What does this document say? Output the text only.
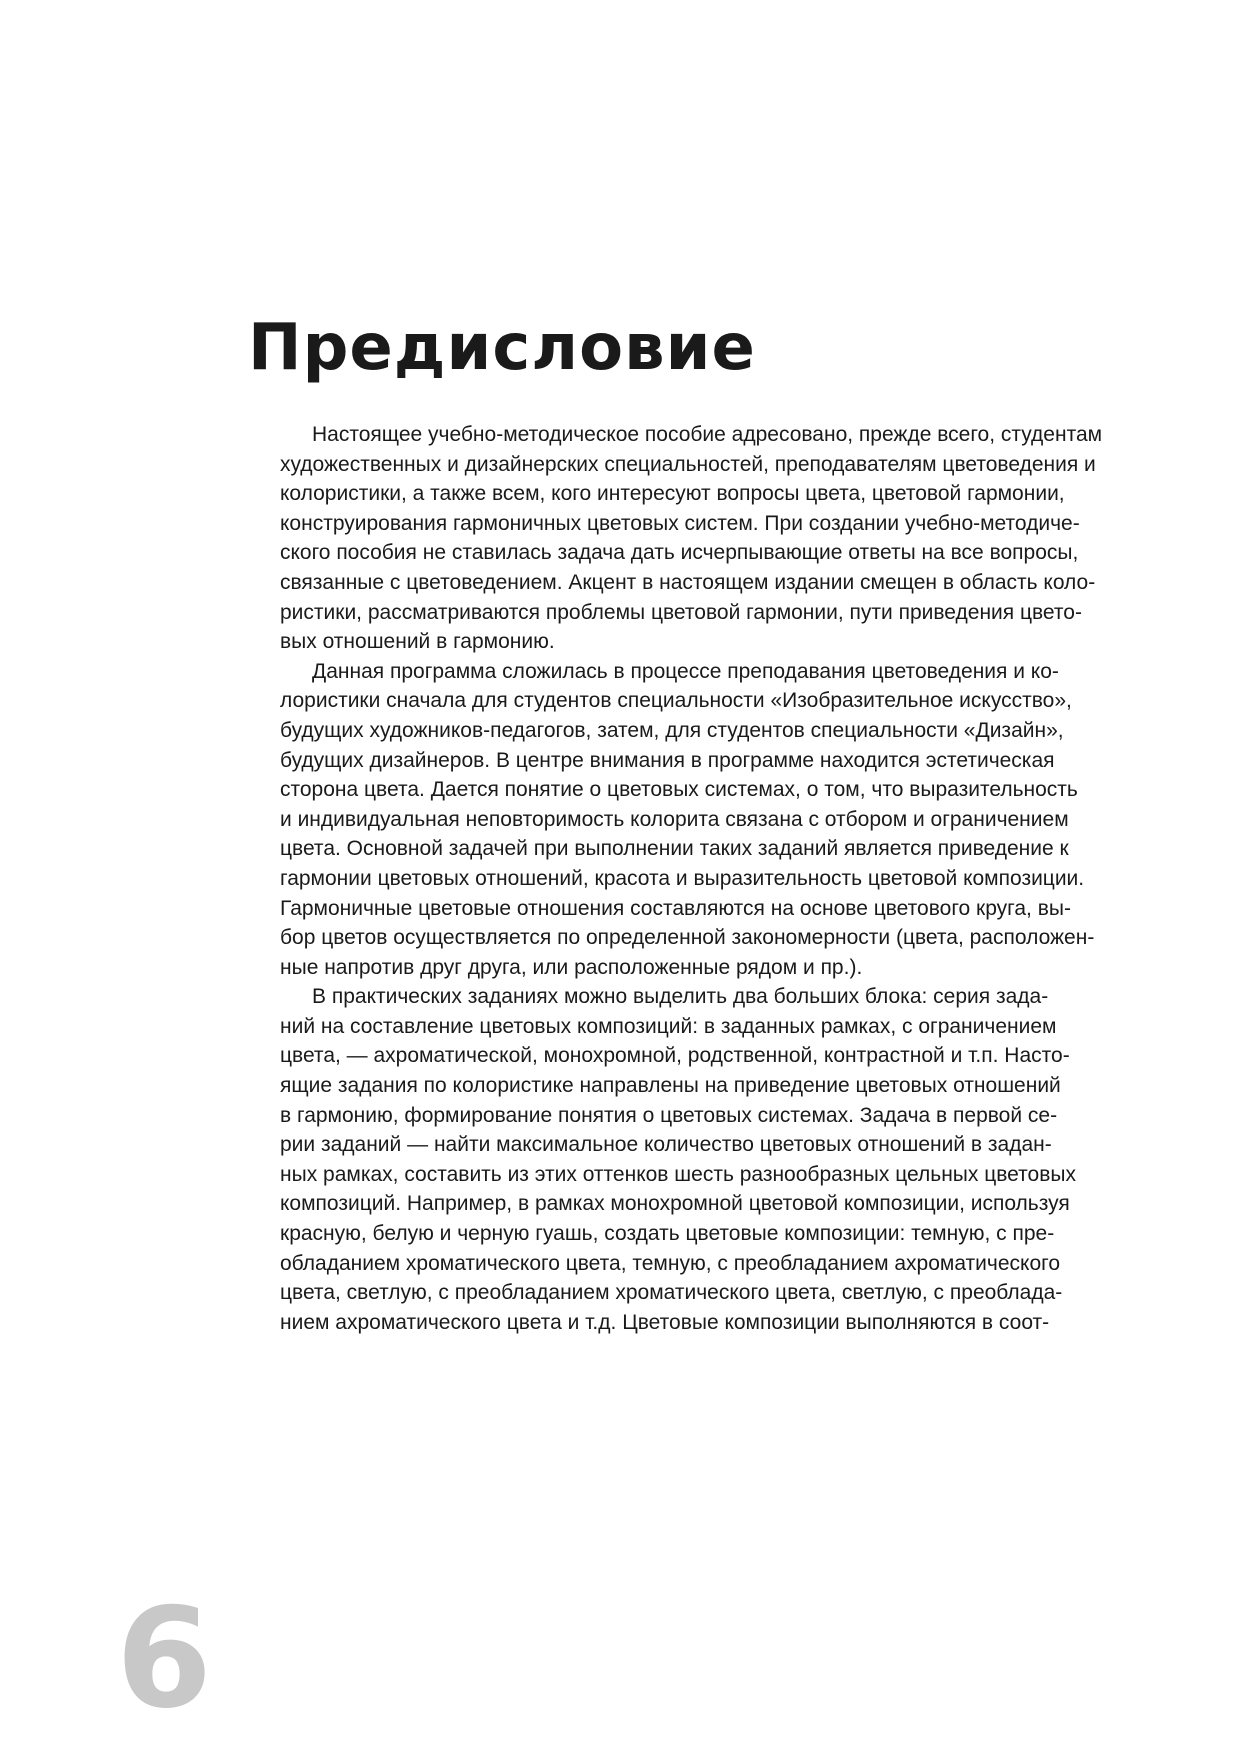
Предисловие

Настоящее учебно-методическое пособие адресовано, прежде всего, студентам
художественных и дизайнерских специальностей, преподавателям цветоведения и
колористики, а также всем, кого интересуют вопросы цвета, цветовой гармонии,
конструирования гармоничных цветовых систем. При создании учебно-методиче-
ского пособия не ставилась задача дать исчерпывающие ответы на все вопросы,
связанные с цветоведением. Акцент в настоящем издании смещен в область коло-
ристики, рассматриваются проблемы цветовой гармонии, пути приведения цвето-
вых отношений в гармонию.

Данная программа сложилась в процессе преподавания цветоведения и ко-
лористики сначала для студентов специальности «Изобразительное искусство»,
будущих художников-педагогов, затем, для студентов специальности «Дизайн»,
будущих дизайнеров. В центре внимания в программе находится эстетическая
сторона цвета. Дается понятие о цветовых системах, о том, что выразительность
и индивидуальная неповторимость колорита связана с отбором и ограничением
цвета. Основной задачей при выполнении таких заданий является приведение к
гармонии цветовых отношений, красота и выразительность цветовой композиции.
Гармоничные цветовые отношения составляются на основе цветового круга, вы-
бор цветов осуществляется по определенной закономерности (цвета, расположен-
ные напротив друг друга, или расположенные рядом и пр.).

В практических заданиях можно выделить два больших блока: серия зада-
ний на составление цветовых композиций: в заданных рамках, с ограничением
цвета, — ахроматической, монохромной, родственной, контрастной и т.п. Насто-
ящие задания по колористике направлены на приведение цветовых отношений
в гармонию, формирование понятия о цветовых системах. Задача в первой се-
рии заданий — найти максимальное количество цветовых отношений в задан-
ных рамках, составить из этих оттенков шесть разнообразных цельных цветовых
композиций. Например, в рамках монохромной цветовой композиции, используя
красную, белую и черную гуашь, создать цветовые композиции: темную, с пре-
обладанием хроматического цвета, темную, с преобладанием ахроматического
цвета, светлую, с преобладанием хроматического цвета, светлую, с преоблада-
нием ахроматического цвета и т.д. Цветовые композиции выполняются в соот-

6
